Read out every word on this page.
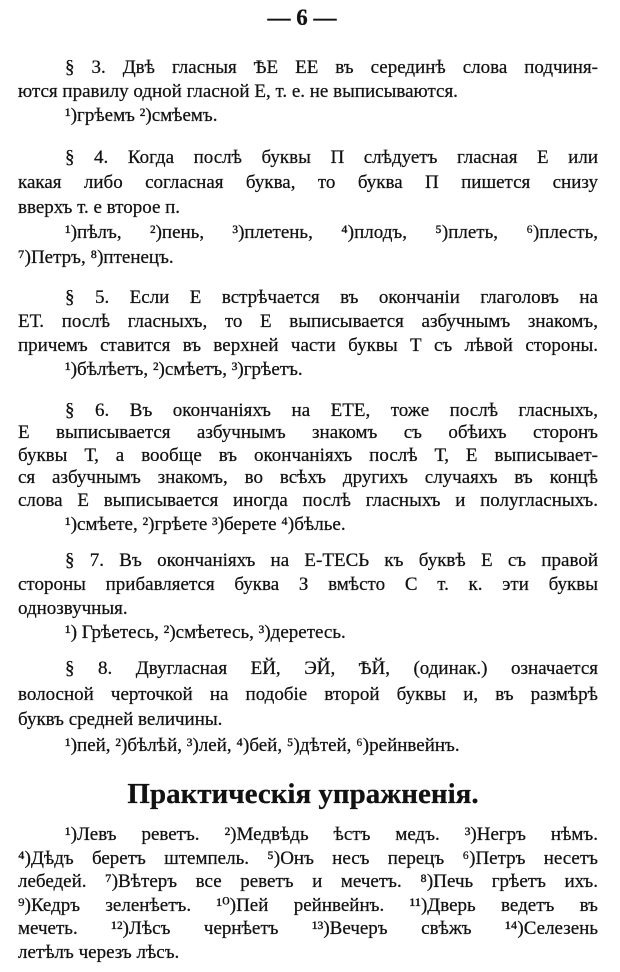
— 6 —
§ 3. Двѣ гласныя ѢЕ ЕЕ въ серединѣ слова подчиня-
ются правилу одной гласной Е, т. е. не выписываются.
¹)грѣемъ ²)смѣемъ.
§ 4. Когда послѣ буквы П слѣдуетъ гласная Е или
какая либо согласная буква, то буква П пишется снизу
вверхъ т. е второе п.
¹)пѣлъ, ²)пень, ³)плетень, ⁴)плодъ, ⁵)плеть, ⁶)плесть,
⁷)Петръ, ⁸)птенецъ.
§ 5. Если Е встрѣчается въ окончаніи глаголовъ на
ЕТ. послѣ гласныхъ, то Е выписывается азбучнымъ знакомъ,
причемъ ставится въ верхней части буквы Т съ лѣвой стороны.
¹)бѣлѣетъ, ²)смѣетъ, ³)грѣетъ.
§ 6. Въ окончаніяхъ на ЕТЕ, тоже послѣ гласныхъ,
Е выписывается азбучнымъ знакомъ съ обѣихъ сторонъ
буквы Т, а вообще въ окончаніяхъ послѣ Т, Е выписывает-
ся азбучнымъ знакомъ, во всѣхъ другихъ случаяхъ въ концѣ
слова Е выписывается иногда послѣ гласныхъ и полугласныхъ.
¹)смѣете, ²)грѣете ³)берете ⁴)бѣлье.
§ 7. Въ окончаніяхъ на Е-ТЕСЬ къ буквѣ Е съ правой
стороны прибавляется буква З вмѣсто С т. к. эти буквы
однозвучныя.
¹) Грѣетесь, ²)смѣетесь, ³)деретесь.
§ 8. Двугласная ЕЙ, ЭЙ, ѢЙ, (одинак.) означается
волосной черточкой на подобіе второй буквы и, въ размѣрѣ
буквъ средней величины.
¹)пей, ²)бѣлѣй, ³)лей, ⁴)бей, ⁵)дѣтей, ⁶)рейнвейнъ.
Практическія упражненія.
¹)Левъ реветъ. ²)Медвѣдь ѣстъ медъ. ³)Негръ нѣмъ.
⁴)Дѣдъ беретъ штемпель. ⁵)Онъ несъ перецъ ⁶)Петръ несетъ
лебедей. ⁷)Вѣтеръ все реветъ и мечетъ. ⁸)Печь грѣетъ ихъ.
⁹)Кедръ зеленѣетъ. ¹⁰)Пей рейнвейнъ. ¹¹)Дверь ведетъ въ
мечеть. ¹²)Лѣсъ чернѣетъ ¹³)Вечеръ свѣжъ ¹⁴)Селезень
летѣлъ черезъ лѣсъ.
